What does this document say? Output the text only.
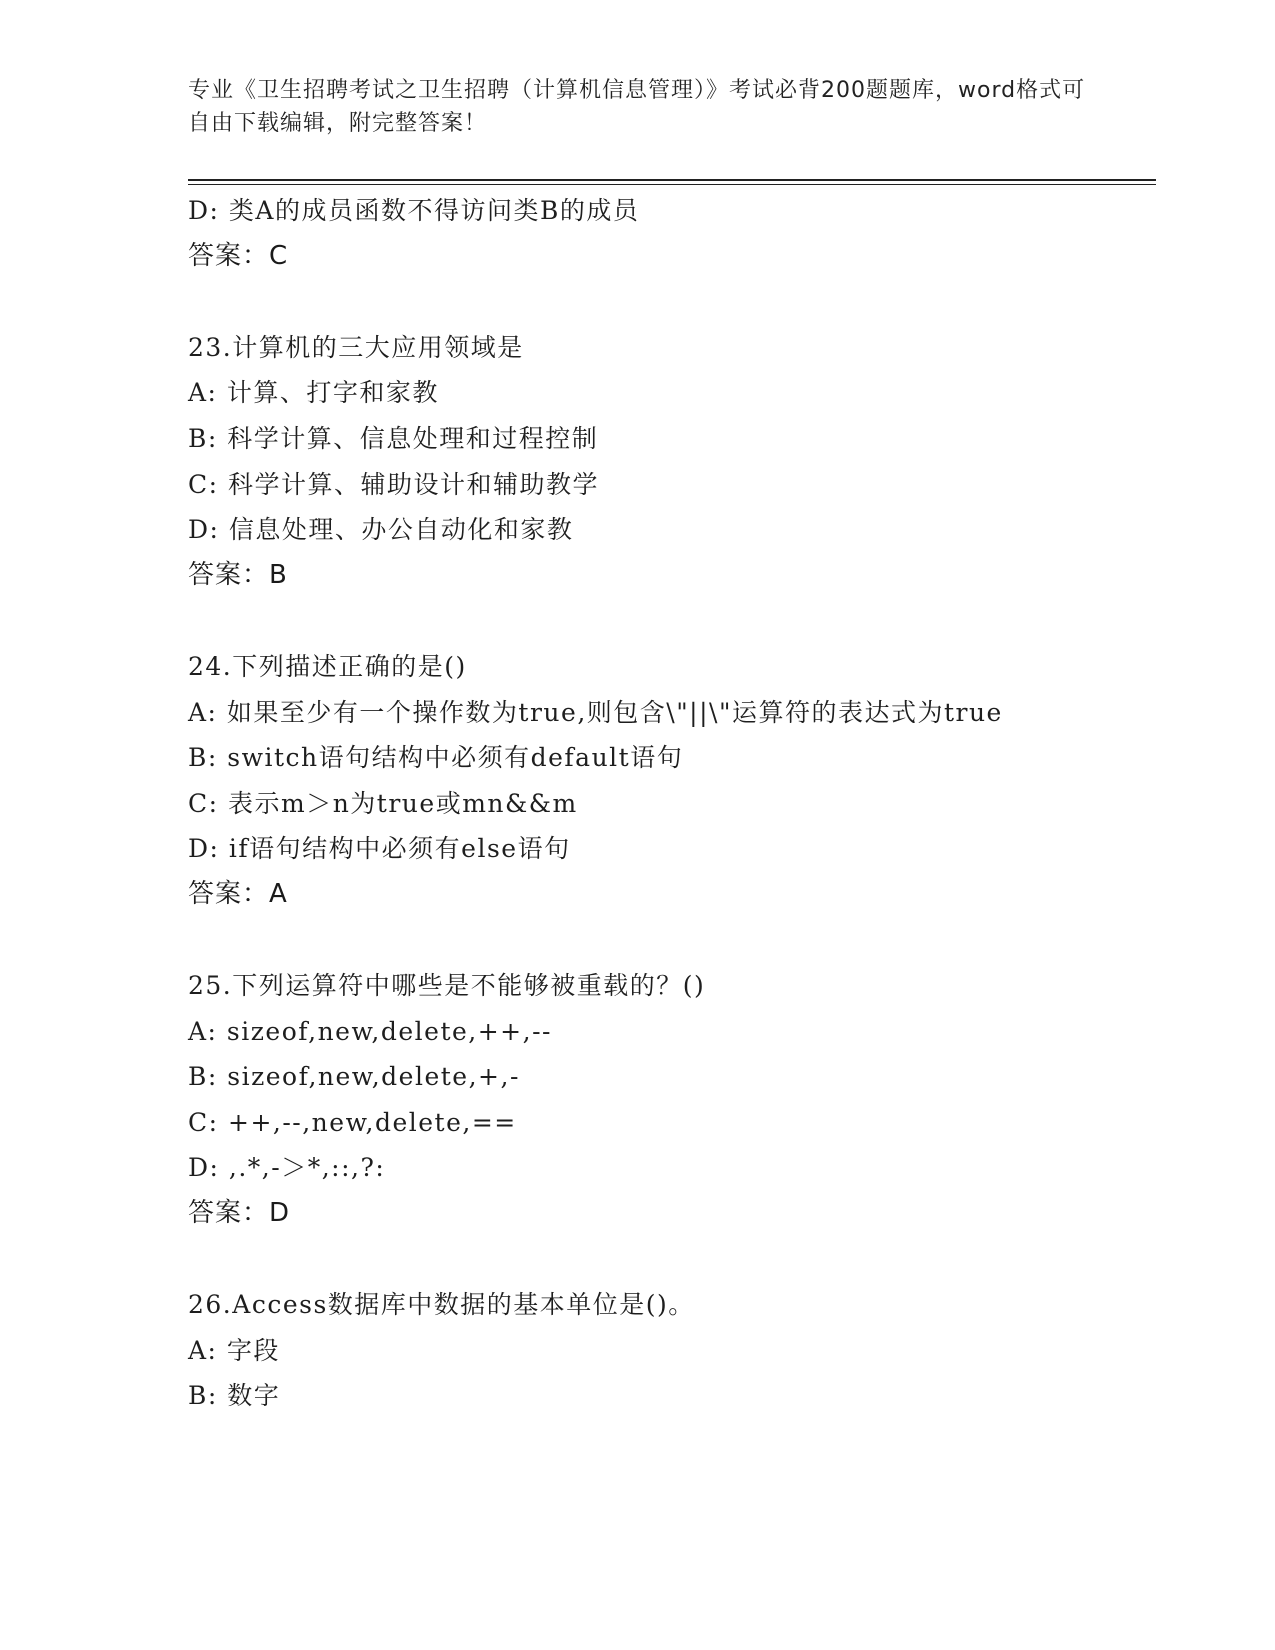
专业《卫生招聘考试之卫生招聘（计算机信息管理）》考试必背200题题库，word格式可自由下载编辑，附完整答案！
D: 类A的成员函数不得访问类B的成员
答案：C
23.计算机的三大应用领域是
A: 计算、打字和家教
B: 科学计算、信息处理和过程控制
C: 科学计算、辅助设计和辅助教学
D: 信息处理、办公自动化和家教
答案：B
24.下列描述正确的是()
A: 如果至少有一个操作数为true,则包含\"||\"运算符的表达式为true
B: switch语句结构中必须有default语句
C: 表示m＞n为true或mn&&m
D: if语句结构中必须有else语句
答案：A
25.下列运算符中哪些是不能够被重载的？()
A: sizeof,new,delete,++,--
B: sizeof,new,delete,+,-
C: ++,--,new,delete,==
D: ,.*,-＞*,::,?:
答案：D
26.Access数据库中数据的基本单位是()。
A: 字段
B: 数字
